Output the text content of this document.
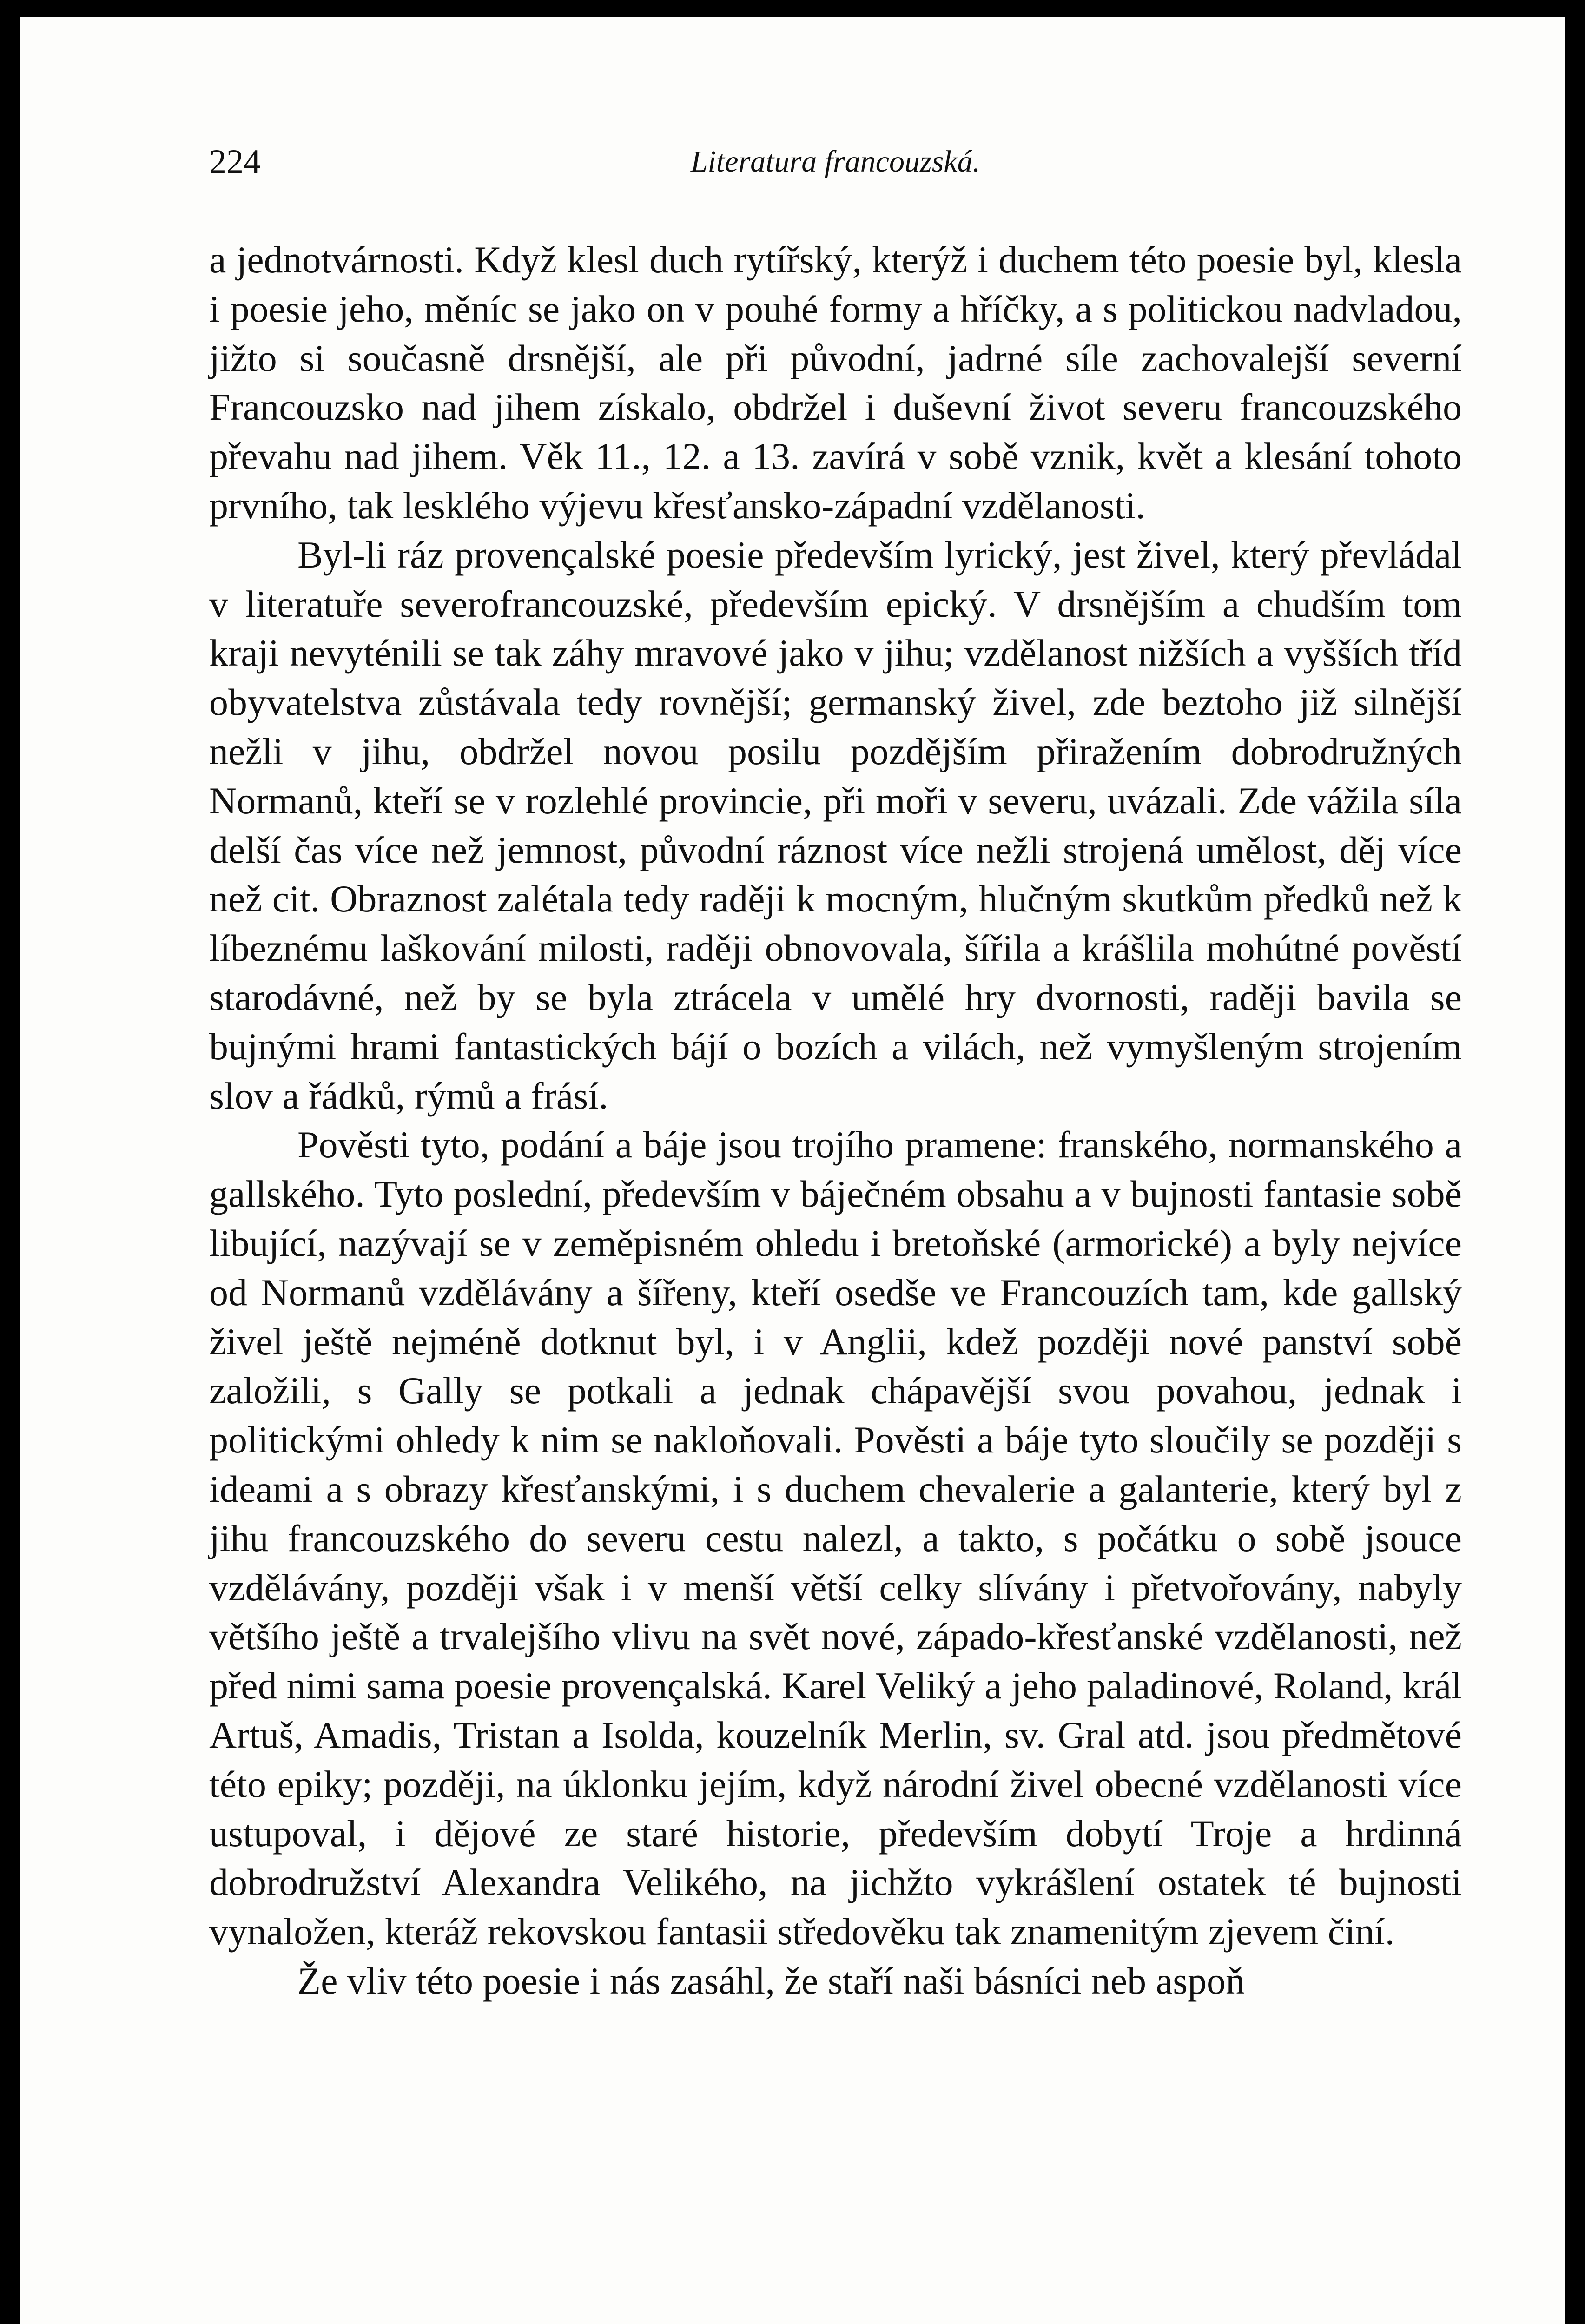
224	Literatura francouzská.

a jednotvárnosti. Když klesl duch rytířský, kterýž i duchem této poesie byl, klesla i poesie jeho, měníc se jako on v pouhé formy a hříčky, a s politickou nadvladou, jižto si současně drsnější, ale při původní, jadrné síle zachovalejší severní Francouzsko nad jihem získalo, obdržel i duševní život severu francouzského převahu nad jihem. Věk 11., 12. a 13. zavírá v sobě vznik, květ a klesání tohoto prvního, tak lesklého výjevu křesťansko-západní vzdělanosti.

Byl-li ráz provençalské poesie především lyrický, jest živel, který převládal v literatuře severofrancouzské, především epický. V drsnějším a chudším tom kraji nevyténili se tak záhy mravové jako v jihu; vzdělanost nižších a vyšších tříd obyvatelstva zůstávala tedy rovnější; germanský živel, zde beztoho již silnější nežli v jihu, obdržel novou posilu pozdějším přiražením dobrodružných Normanů, kteří se v rozlehlé provincie, při moři v severu, uvázali. Zde vážila síla delší čas více než jemnost, původní ráznost více nežli strojená umělost, děj více než cit. Obraznost zalétala tedy raději k mocným, hlučným skutkům předků než k líbeznému laškování milosti, raději obnovovala, šířila a krášlila mohútné pověstí starodávné, než by se byla ztrácela v umělé hry dvornosti, raději bavila se bujnými hrami fantastických bájí o bozích a vilách, než vymyšleným strojením slov a řádků, rýmů a frásí.

Pověsti tyto, podání a báje jsou trojího pramene: franského, normanského a gallského. Tyto poslední, především v báječném obsahu a v bujnosti fantasie sobě libující, nazývají se v zeměpisném ohledu i bretoňské (armorické) a byly nejvíce od Normanů vzdělávány a šířeny, kteří osedše ve Francouzích tam, kde gallský živel ještě nejméně dotknut byl, i v Anglii, kdež později nové panství sobě založili, s Gally se potkali a jednak chápavější svou povahou, jednak i politickými ohledy k nim se nakloňovali. Pověsti a báje tyto sloučily se později s ideami a s obrazy křesťanskými, i s duchem chevalerie a galanterie, který byl z jihu francouzského do severu cestu nalezl, a takto, s počátku o sobě jsouce vzdělávány, později však i v menší větší celky slívány i přetvořovány, nabyly většího ještě a trvalejšího vlivu na svět nové, západo-křesťanské vzdělanosti, než před nimi sama poesie provençalská. Karel Veliký a jeho paladinové, Roland, král Artuš, Amadis, Tristan a Isolda, kouzelník Merlin, sv. Gral atd. jsou předmětové této epiky; později, na úklonku jejím, když národní živel obecné vzdělanosti více ustupoval, i dějové ze staré historie, především dobytí Troje a hrdinná dobrodružství Alexandra Velikého, na jichžto vykrášlení ostatek té bujnosti vynaložen, kteráž rekovskou fantasii středověku tak znamenitým zjevem činí.

Že vliv této poesie i nás zasáhl, že staří naši básníci neb aspoň
